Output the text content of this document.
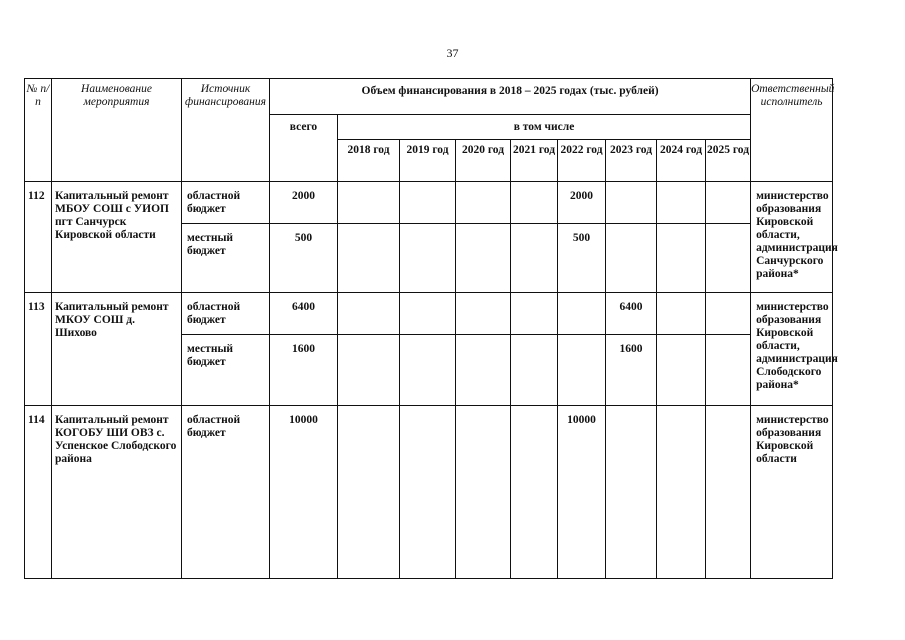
37
№ п/п	Наименование мероприятия	Источник финансирования	Объем финансирования в 2018 – 2025 годах (тыс. рублей)									Ответственный исполнитель
			всего	в том числе								
				2018 год	2019 год	2020 год	2021 год	2022 год	2023 год	2024 год	2025 год	
112	Капитальный ремонт МБОУ СОШ с УИОП пгт Санчурск Кировской области	областной бюджет	2000					2000				министерство образования Кировской области, администрация Санчурского района*
		местный бюджет	500					500				
113	Капитальный ремонт МКОУ СОШ д. Шихово	областной бюджет	6400						6400			министерство образования Кировской области, администрация Слободского района*
		местный бюджет	1600						1600			
114	Капитальный ремонт КОГОБУ ШИ ОВЗ с. Успенское Слободского района	областной бюджет	10000					10000				министерство образования Кировской области
